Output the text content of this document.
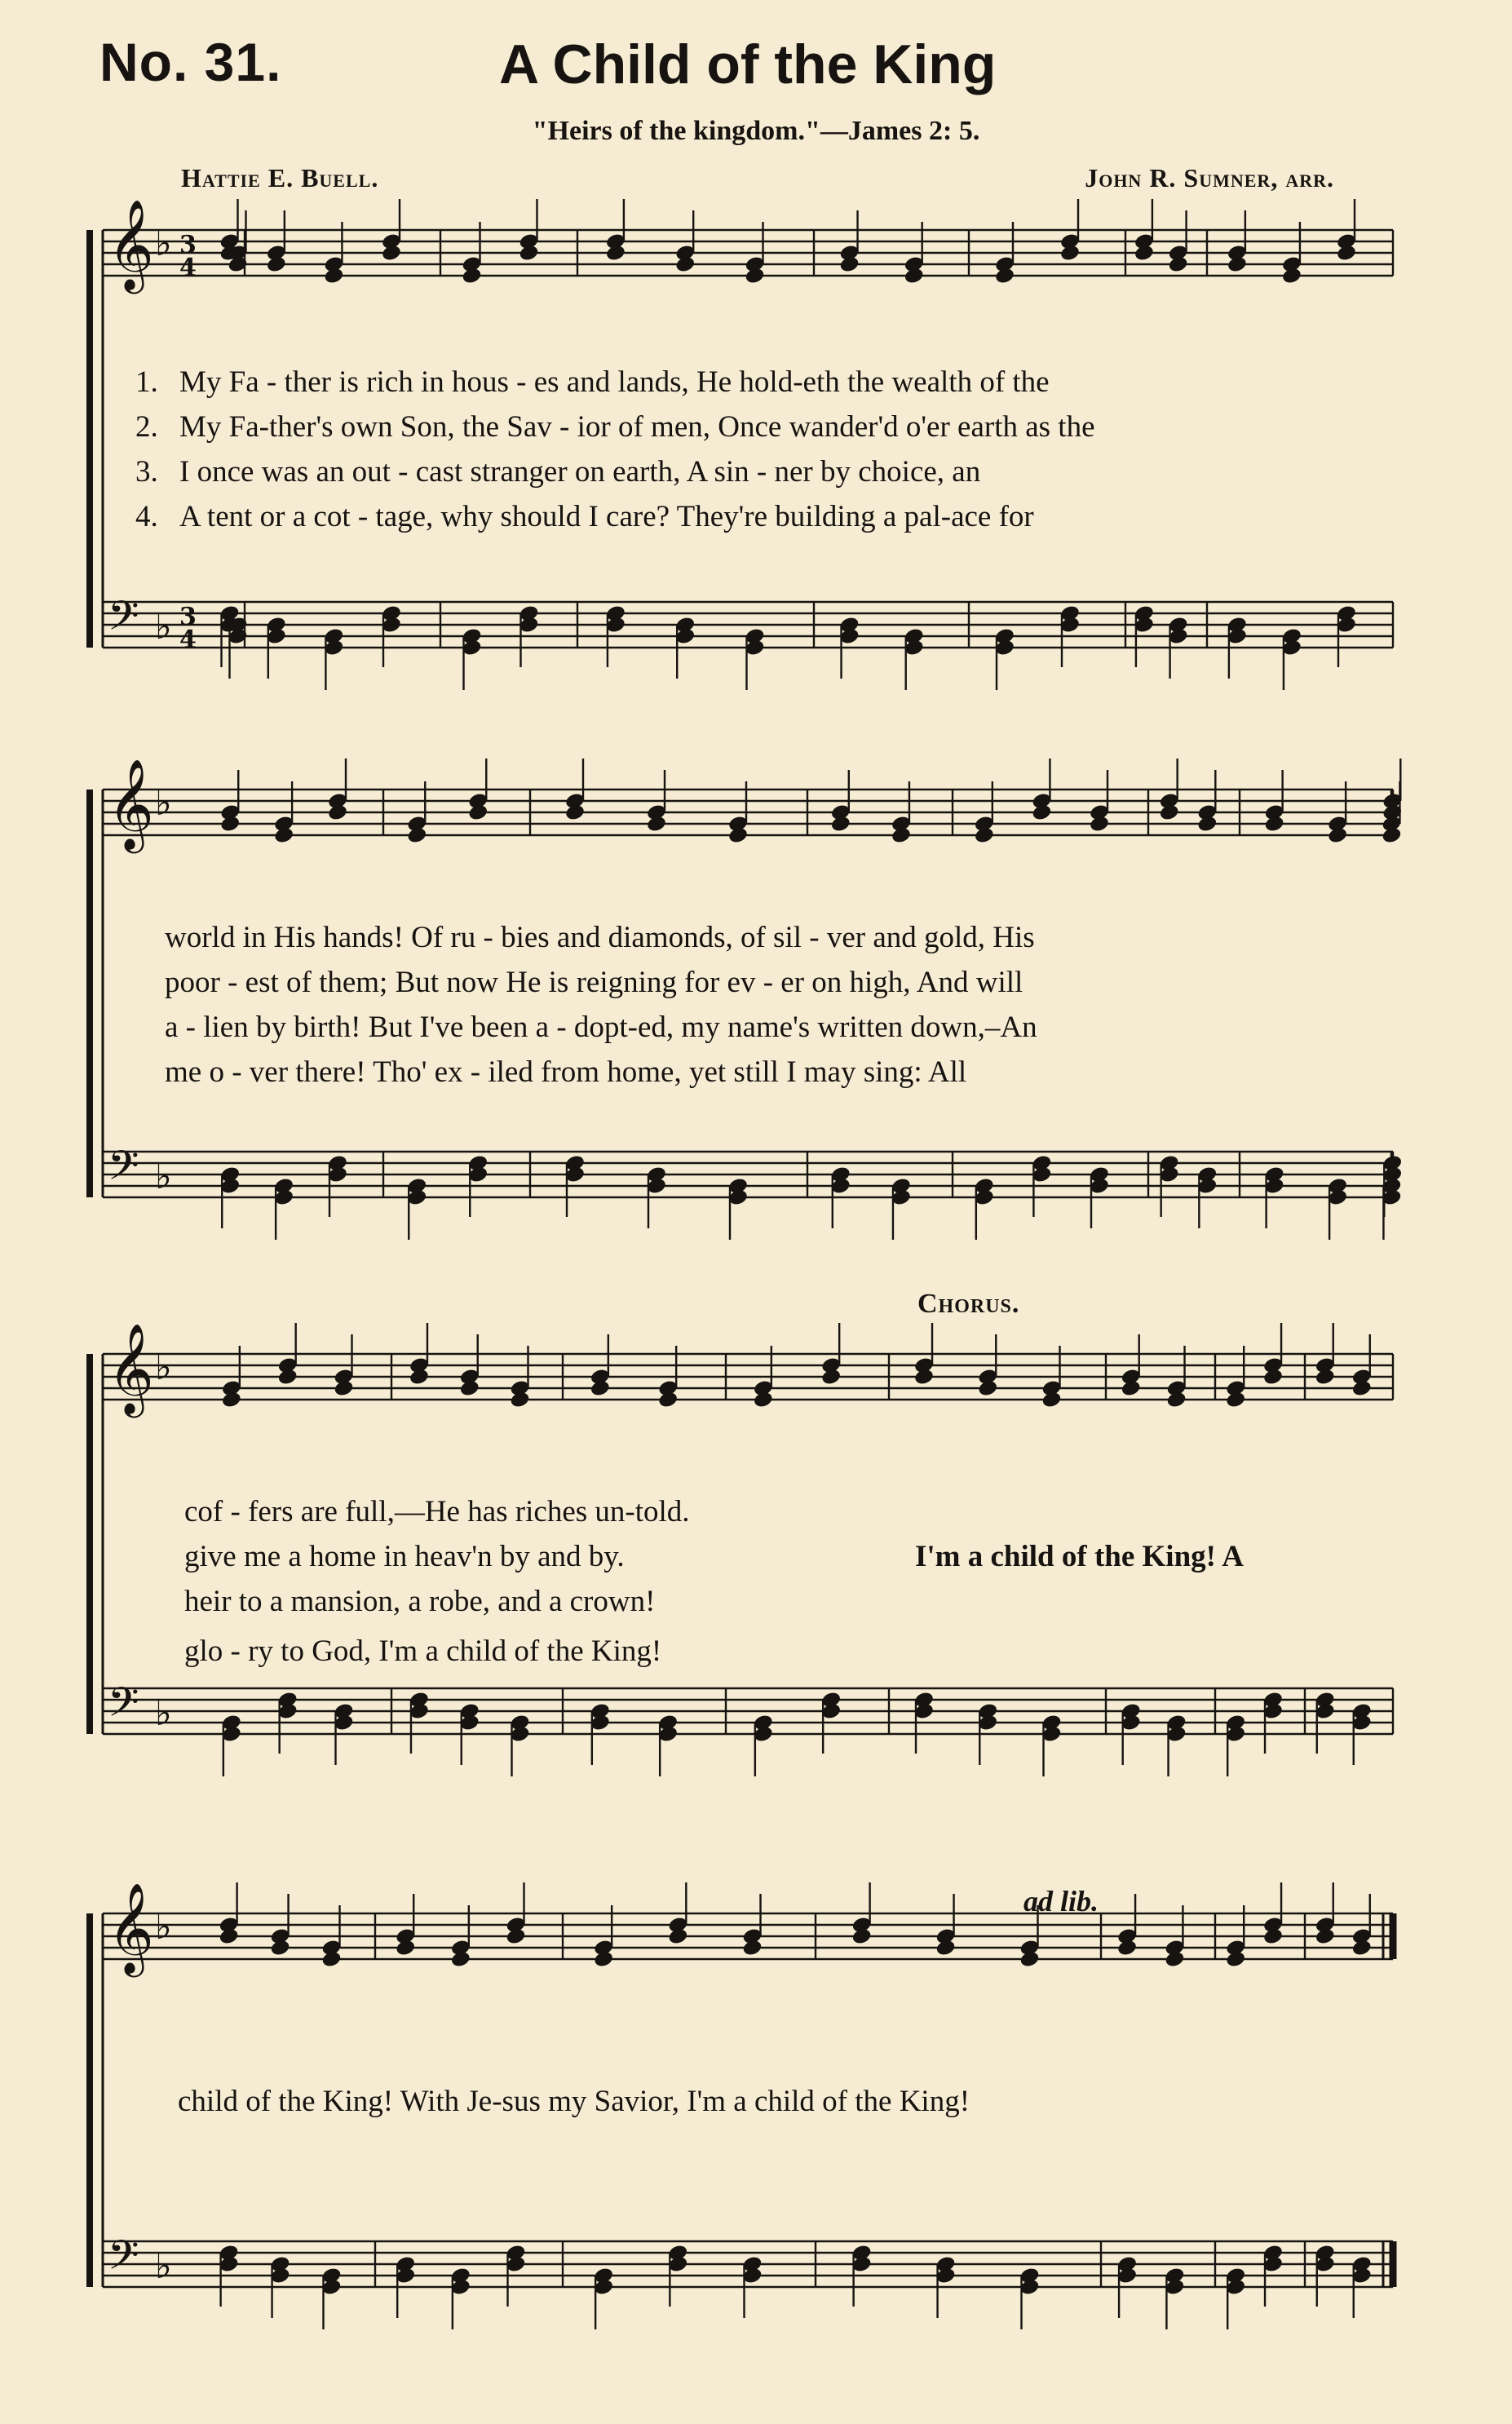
No. 31.	A Child of the King
"Heirs of the kingdom."—James 2: 5.
Hattie E. Buell.	John R. Sumner, arr.
𝄞 ♭ 3
4
𝄢 ♭ 3
4
𝄞 ♭
𝄢 ♭
𝄞 ♭
𝄢 ♭
𝄞 ♭
𝄢 ♭
1. My Fa - ther is rich in hous - es and lands, He hold-eth the wealth of the
2. My Fa-ther's own Son, the Sav - ior of men, Once wander'd o'er earth as the
3. I once was an out - cast stranger on earth, A sin - ner by choice, an
4. A tent or a cot - tage, why should I care? They're building a pal-ace for
world in His hands! Of ru - bies and diamonds, of sil - ver and gold, His
poor - est of them; But now He is reigning for ev - er on high, And will
a - lien by birth! But I've been a - dopt-ed, my name's written down,–An
me o - ver there! Tho' ex - iled from home, yet still I may sing: All
Chorus.
cof - fers are full,—He has riches un-told.
give me a home in heav'n by and by.
heir to a mansion, a robe, and a crown!
glo - ry to God, I'm a child of the King!
I'm a child of the King! A
ad lib.
child of the King! With Je-sus my Savior, I'm a child of the King!
